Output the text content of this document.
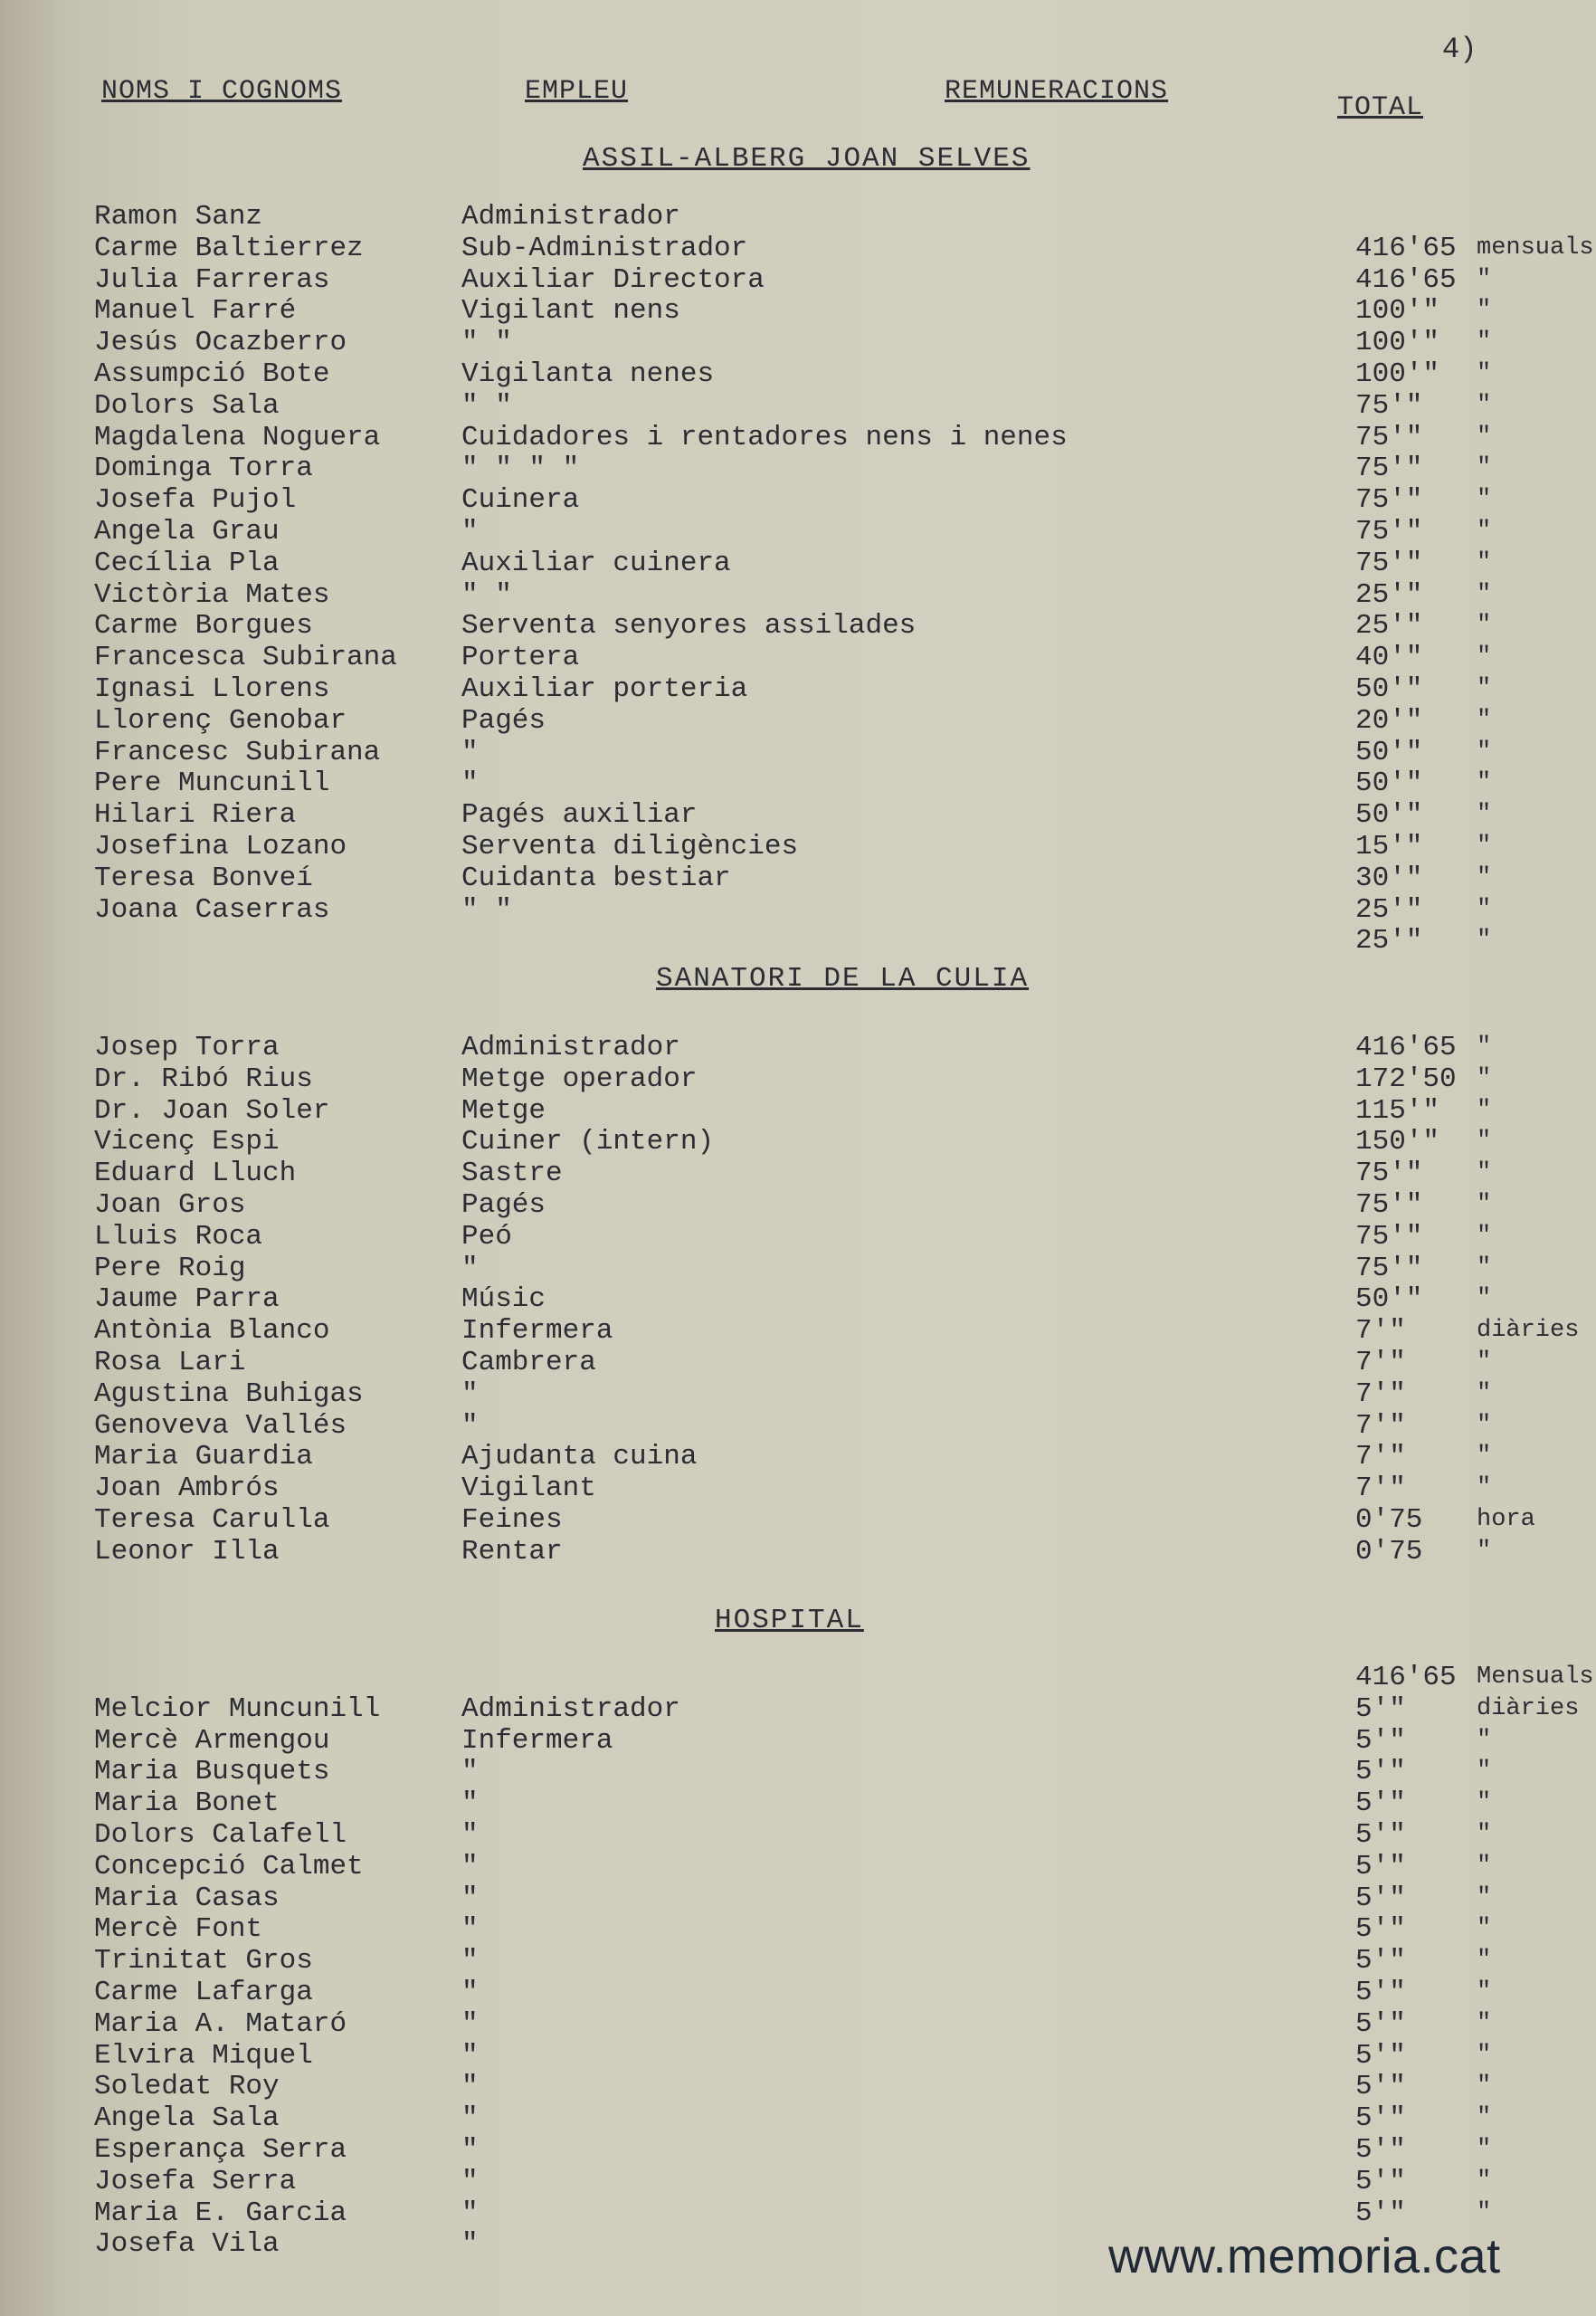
4)
NOMS I COGNOMS	EMPLEU	REMUNERACIONS
TOTAL
ASSIL-ALBERG JOAN SELVES
SANATORI DE LA CULIA
HOSPITAL
Ramon Sanz	Administrador
Carme Baltierrez	Sub-Administrador	416'65 mensuals
Julia Farreras	Auxiliar Directora	416'65 "
Manuel Farré	Vigilant nens	100'" "
Jesús Ocazberro	" "	100'" "
Assumpció Bote	Vigilanta nenes	100'" "
Dolors Sala	" "	75'" "
Magdalena Noguera	Cuidadores i rentadores nens i nenes	75'" "
Dominga Torra	" " " "	75'" "
Josefa Pujol	Cuinera	75'" "
Angela Grau	"	75'" "
Cecília Pla	Auxiliar cuinera	75'" "
Victòria Mates	" "	25'" "
Carme Borgues	Serventa senyores assilades	25'" "
Francesca Subirana Portera	40'" "
Ignasi Llorens	Auxiliar porteria	50'" "
Llorenç Genobar	Pagés	20'" "
Francesc Subirana	"	50'" "
Pere Muncunill	"	50'" "
Hilari Riera	Pagés auxiliar	50'" "
Josefina Lozano	Serventa diligències	15'" "
Teresa Bonveí	Cuidanta bestiar	30'" "
Joana Caserras	" "	25'" "
25'" "
Josep Torra	Administrador	416'65 "
Dr. Ribó Rius	Metge operador	172'50 "
Dr. Joan Soler	Metge	115'" "
Vicenç Espi	Cuiner (intern)	150'" "
Eduard Lluch	Sastre	75'" "
Joan Gros	Pagés	75'" "
Lluis Roca	Peó	75'" "
Pere Roig	"	75'" "
Jaume Parra	Músic	50'" "
Antònia Blanco	Infermera	7'"	diàries
Rosa Lari	Cambrera	7'"	"
Agustina Buhigas	"	7'"	"
Genoveva Vallés	"	7'"	"
Maria Guardia	Ajudanta cuina	7'"	"
Joan Ambrós	Vigilant	7'"	"
Teresa Carulla	Feines	0'75 hora
Leonor Illa	Rentar	0'75 "
416'65 Mensuals
Melcior Muncunill	Administrador	5'"	diàries
Mercè Armengou	Infermera	5'"	"
Maria Busquets	"	5'"	"
Maria Bonet	"	5'"	"
Dolors Calafell	"	5'"	"
Concepció Calmet	"	5'"	"
Maria Casas	"	5'"	"
Mercè Font	"	5'"	"
Trinitat Gros	"	5'"	"
Carme Lafarga	"	5'"	"
Maria A. Mataró	"	5'"	"
Elvira Miquel	"	5'"	"
Soledat Roy	"	5'"	"
Angela Sala	"	5'"	"
Esperança Serra	"	5'"	"
Josefa Serra	"	5'"	"
Maria E. Garcia	"	5'"	"
Josefa Vila	"	www.memoria.cat
